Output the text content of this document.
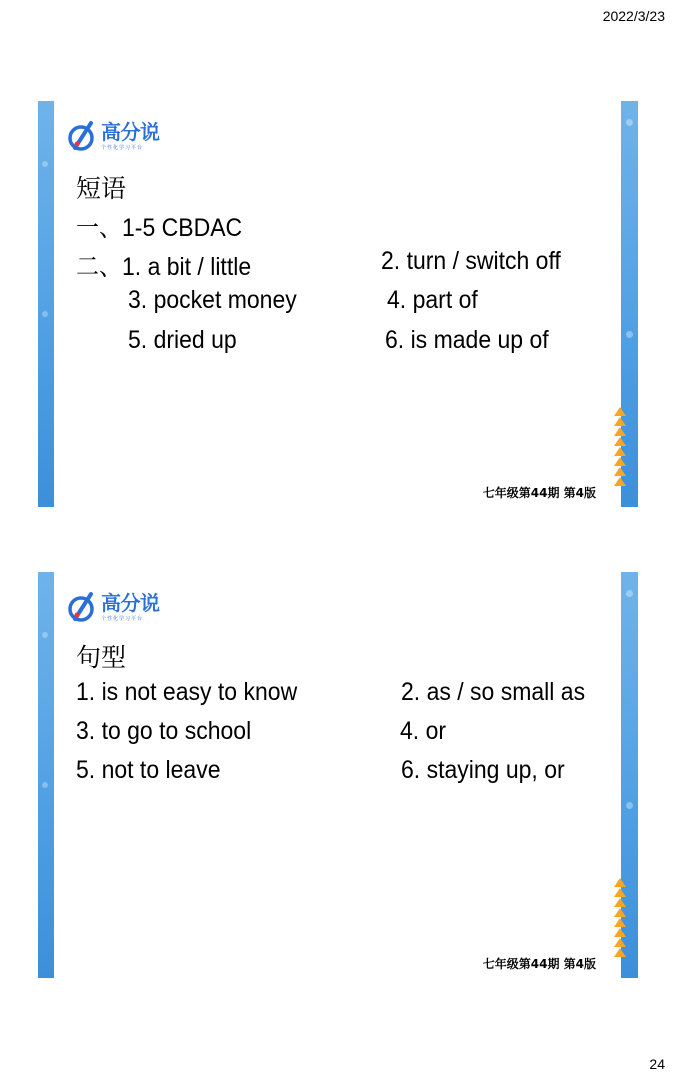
2022/3/23
高分说
个性化学习平台
短语
一、1-5 CBDAC
二、1. a bit / little	2. turn / switch off
3. pocket money	4. part of
5. dried up	6. is made up of
七年级第44期 第4版
高分说
个性化学习平台
句型
1. is not easy to know	2. as / so small as
3. to go to school	4. or
5. not to leave	6. staying up, or
七年级第44期 第4版
24
